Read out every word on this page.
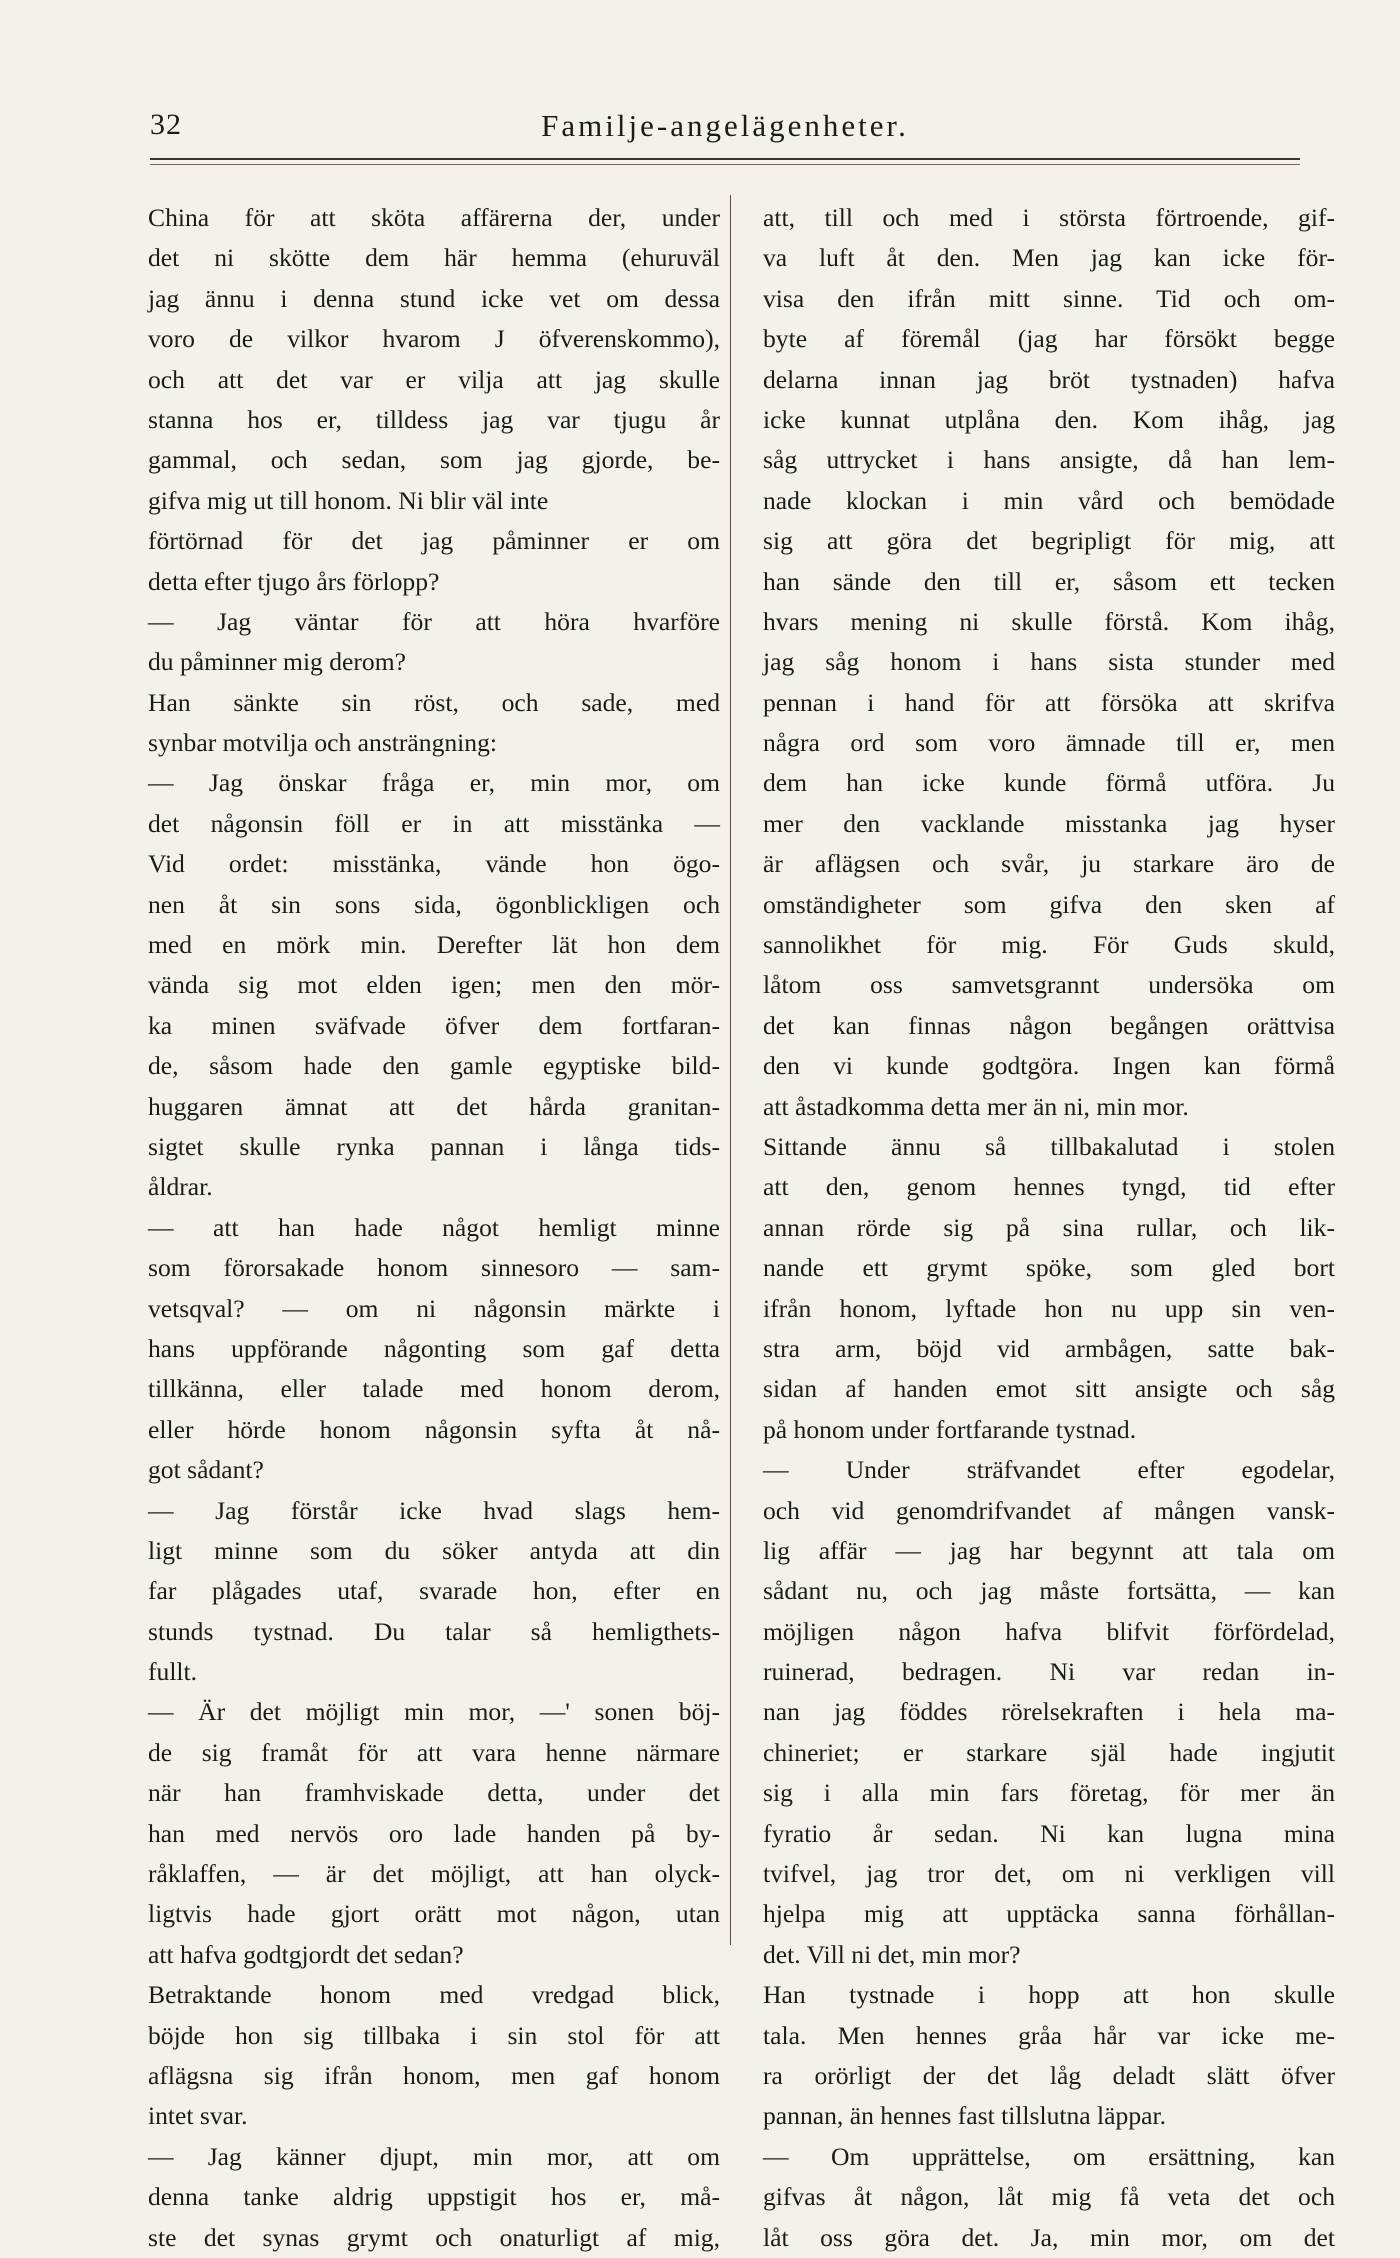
32	Familje-angelägenheter.
China för att sköta affärerna der, under
det ni skötte dem här hemma (ehuruväl
jag ännu i denna stund icke vet om dessa
voro de vilkor hvarom J öfverenskommo),
och att det var er vilja att jag skulle
stanna hos er, tilldess jag var tjugu år
gammal, och sedan, som jag gjorde, be-
gifva mig ut till honom. Ni blir väl inte
förtörnad för det jag påminner er om
detta efter tjugo års förlopp?
— Jag väntar för att höra hvarföre
du påminner mig derom?
Han sänkte sin röst, och sade, med
synbar motvilja och ansträngning:
— Jag önskar fråga er, min mor, om
det någonsin föll er in att misstänka —
Vid ordet: misstänka, vände hon ögo-
nen åt sin sons sida, ögonblickligen och
med en mörk min. Derefter lät hon dem
vända sig mot elden igen; men den mör-
ka minen sväfvade öfver dem fortfaran-
de, såsom hade den gamle egyptiske bild-
huggaren ämnat att det hårda granitan-
sigtet skulle rynka pannan i långa tids-
åldrar.
— att han hade något hemligt minne
som förorsakade honom sinnesoro — sam-
vetsqval? — om ni någonsin märkte i
hans uppförande någonting som gaf detta
tillkänna, eller talade med honom derom,
eller hörde honom någonsin syfta åt nå-
got sådant?
— Jag förstår icke hvad slags hem-
ligt minne som du söker antyda att din
far plågades utaf, svarade hon, efter en
stunds tystnad. Du talar så hemligthets-
fullt.
— Är det möjligt min mor, —' sonen böj-
de sig framåt för att vara henne närmare
när han framhviskade detta, under det
han med nervös oro lade handen på by-
råklaffen, — är det möjligt, att han olyck-
ligtvis hade gjort orätt mot någon, utan
att hafva godtgjordt det sedan?
Betraktande honom med vredgad blick,
böjde hon sig tillbaka i sin stol för att
aflägsna sig ifrån honom, men gaf honom
intet svar.
— Jag känner djupt, min mor, att om
denna tanke aldrig uppstigit hos er, må-
ste det synas grymt och onaturligt af mig,
att, till och med i största förtroende, gif-
va luft åt den. Men jag kan icke för-
visa den ifrån mitt sinne. Tid och om-
byte af föremål (jag har försökt begge
delarna innan jag bröt tystnaden) hafva
icke kunnat utplåna den. Kom ihåg, jag
såg uttrycket i hans ansigte, då han lem-
nade klockan i min vård och bemödade
sig att göra det begripligt för mig, att
han sände den till er, såsom ett tecken
hvars mening ni skulle förstå. Kom ihåg,
jag såg honom i hans sista stunder med
pennan i hand för att försöka att skrifva
några ord som voro ämnade till er, men
dem han icke kunde förmå utföra. Ju
mer den vacklande misstanka jag hyser
är aflägsen och svår, ju starkare äro de
omständigheter som gifva den sken af
sannolikhet för mig. För Guds skuld,
låtom oss samvetsgrannt undersöka om
det kan finnas någon begången orättvisa
den vi kunde godtgöra. Ingen kan förmå
att åstadkomma detta mer än ni, min mor.
Sittande ännu så tillbakalutad i stolen
att den, genom hennes tyngd, tid efter
annan rörde sig på sina rullar, och lik-
nande ett grymt spöke, som gled bort
ifrån honom, lyftade hon nu upp sin ven-
stra arm, böjd vid armbågen, satte bak-
sidan af handen emot sitt ansigte och såg
på honom under fortfarande tystnad.
— Under sträfvandet efter egodelar,
och vid genomdrifvandet af mången vansk-
lig affär — jag har begynnt att tala om
sådant nu, och jag måste fortsätta, — kan
möjligen någon hafva blifvit förfördelad,
ruinerad, bedragen. Ni var redan in-
nan jag föddes rörelsekraften i hela ma-
chineriet; er starkare själ hade ingjutit
sig i alla min fars företag, för mer än
fyratio år sedan. Ni kan lugna mina
tvifvel, jag tror det, om ni verkligen vill
hjelpa mig att upptäcka sanna förhållan-
det. Vill ni det, min mor?
Han tystnade i hopp att hon skulle
tala. Men hennes gråa hår var icke me-
ra orörligt der det låg deladt slätt öfver
pannan, än hennes fast tillslutna läppar.
— Om upprättelse, om ersättning, kan
gifvas åt någon, låt mig få veta det och
låt oss göra det. Ja, min mor, om det
